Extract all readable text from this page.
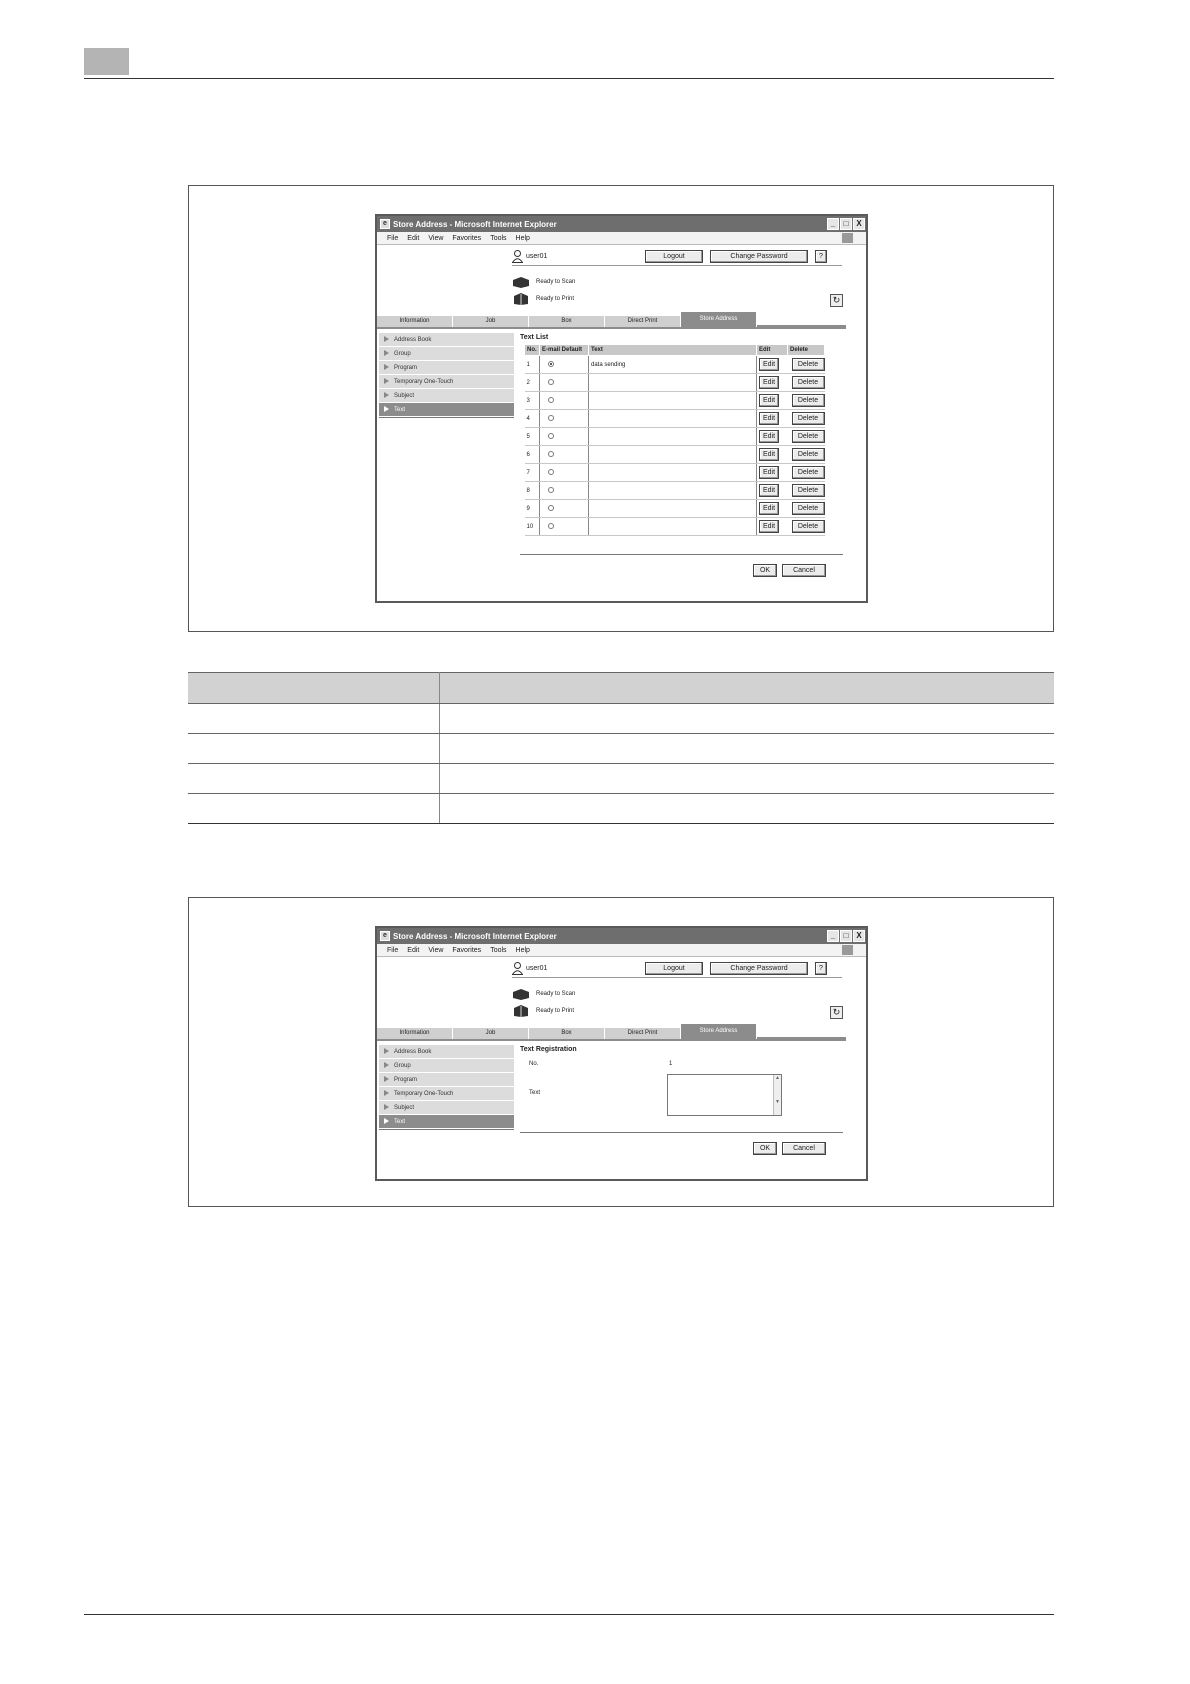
e Store Address - Microsoft Internet Explorer	_	□ X
File Edit View Favorites Tools Help
user01	Logout	Change Password	?
Ready to Scan
Ready to Print	↻
Information	Job	Box	Direct Print	Store Address
Address Book
Group
Program
Temporary One-Touch
Subject
Text
Text List
No.	E-mail Default	Text	Edit	Delete
1		data sending	Edit	Delete
2			Edit	Delete
3			Edit	Delete
4			Edit	Delete
5			Edit	Delete
6			Edit	Delete
7			Edit	Delete
8			Edit	Delete
9			Edit	Delete
10			Edit	Delete
OK	Cancel

e Store Address - Microsoft Internet Explorer	_	□ X
File Edit View Favorites Tools Help
user01	Logout	Change Password	?
Ready to Scan
Ready to Print	↻
Information	Job	Box	Direct Print	Store Address
Address Book
Group
Program
Temporary One-Touch
Subject
Text
Text Registration
No.	1
Text
▲

▼
OK	Cancel
